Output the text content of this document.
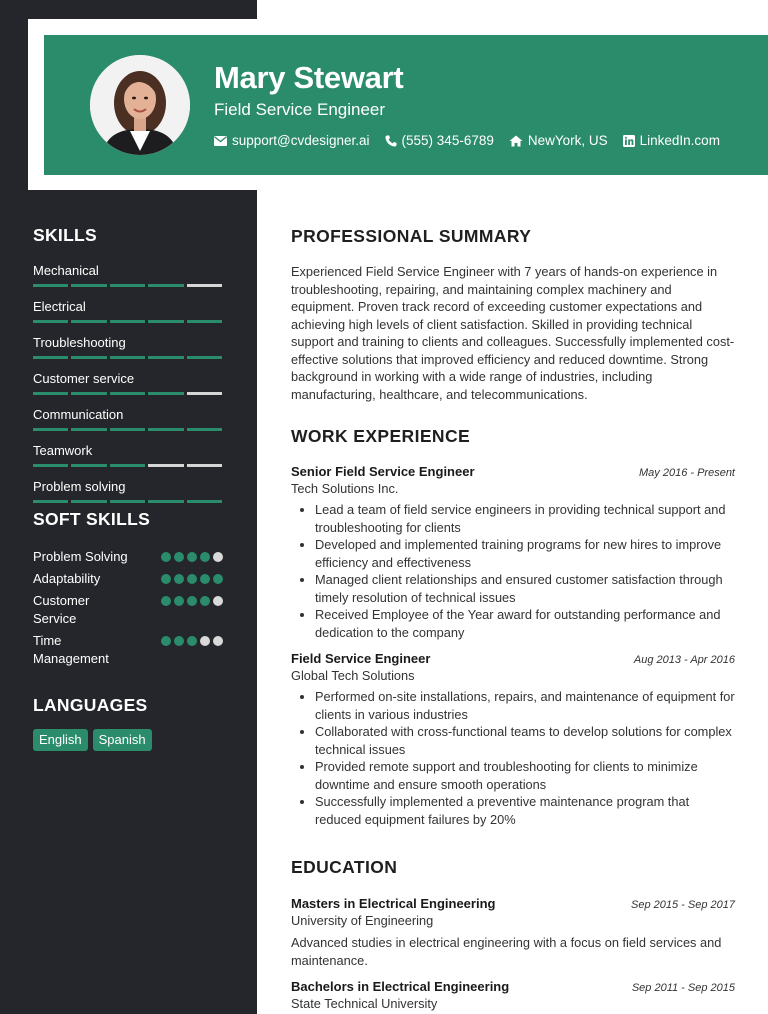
Mary Stewart
Field Service Engineer
support@cvdesigner.ai (555) 345-6789	NewYork, US LinkedIn.com
SKILLS
Mechanical
Electrical
Troubleshooting
Customer service
Communication
Teamwork
Problem solving
SOFT SKILLS
Problem Solving
Adaptability
Customer Service
Time Management
LANGUAGES
English	Spanish
PROFESSIONAL SUMMARY
Experienced Field Service Engineer with 7 years of hands-on experience in troubleshooting, repairing, and maintaining complex machinery and equipment. Proven track record of exceeding customer expectations and achieving high levels of client satisfaction. Skilled in providing technical support and training to clients and colleagues. Successfully implemented cost-effective solutions that improved efficiency and reduced downtime. Strong background in working with a wide range of industries, including manufacturing, healthcare, and telecommunications.
WORK EXPERIENCE
Senior Field Service Engineer	May 2016 - Present
Tech Solutions Inc.
• Lead a team of field service engineers in providing technical support and troubleshooting for clients
• Developed and implemented training programs for new hires to improve efficiency and effectiveness
• Managed client relationships and ensured customer satisfaction through timely resolution of technical issues
• Received Employee of the Year award for outstanding performance and dedication to the company
Field Service Engineer	Aug 2013 - Apr 2016
Global Tech Solutions
• Performed on-site installations, repairs, and maintenance of equipment for clients in various industries
• Collaborated with cross-functional teams to develop solutions for complex technical issues
• Provided remote support and troubleshooting for clients to minimize downtime and ensure smooth operations
• Successfully implemented a preventive maintenance program that reduced equipment failures by 20%
EDUCATION
Masters in Electrical Engineering	Sep 2015 - Sep 2017
University of Engineering
Advanced studies in electrical engineering with a focus on field services and maintenance.
Bachelors in Electrical Engineering	Sep 2011 - Sep 2015
State Technical University
